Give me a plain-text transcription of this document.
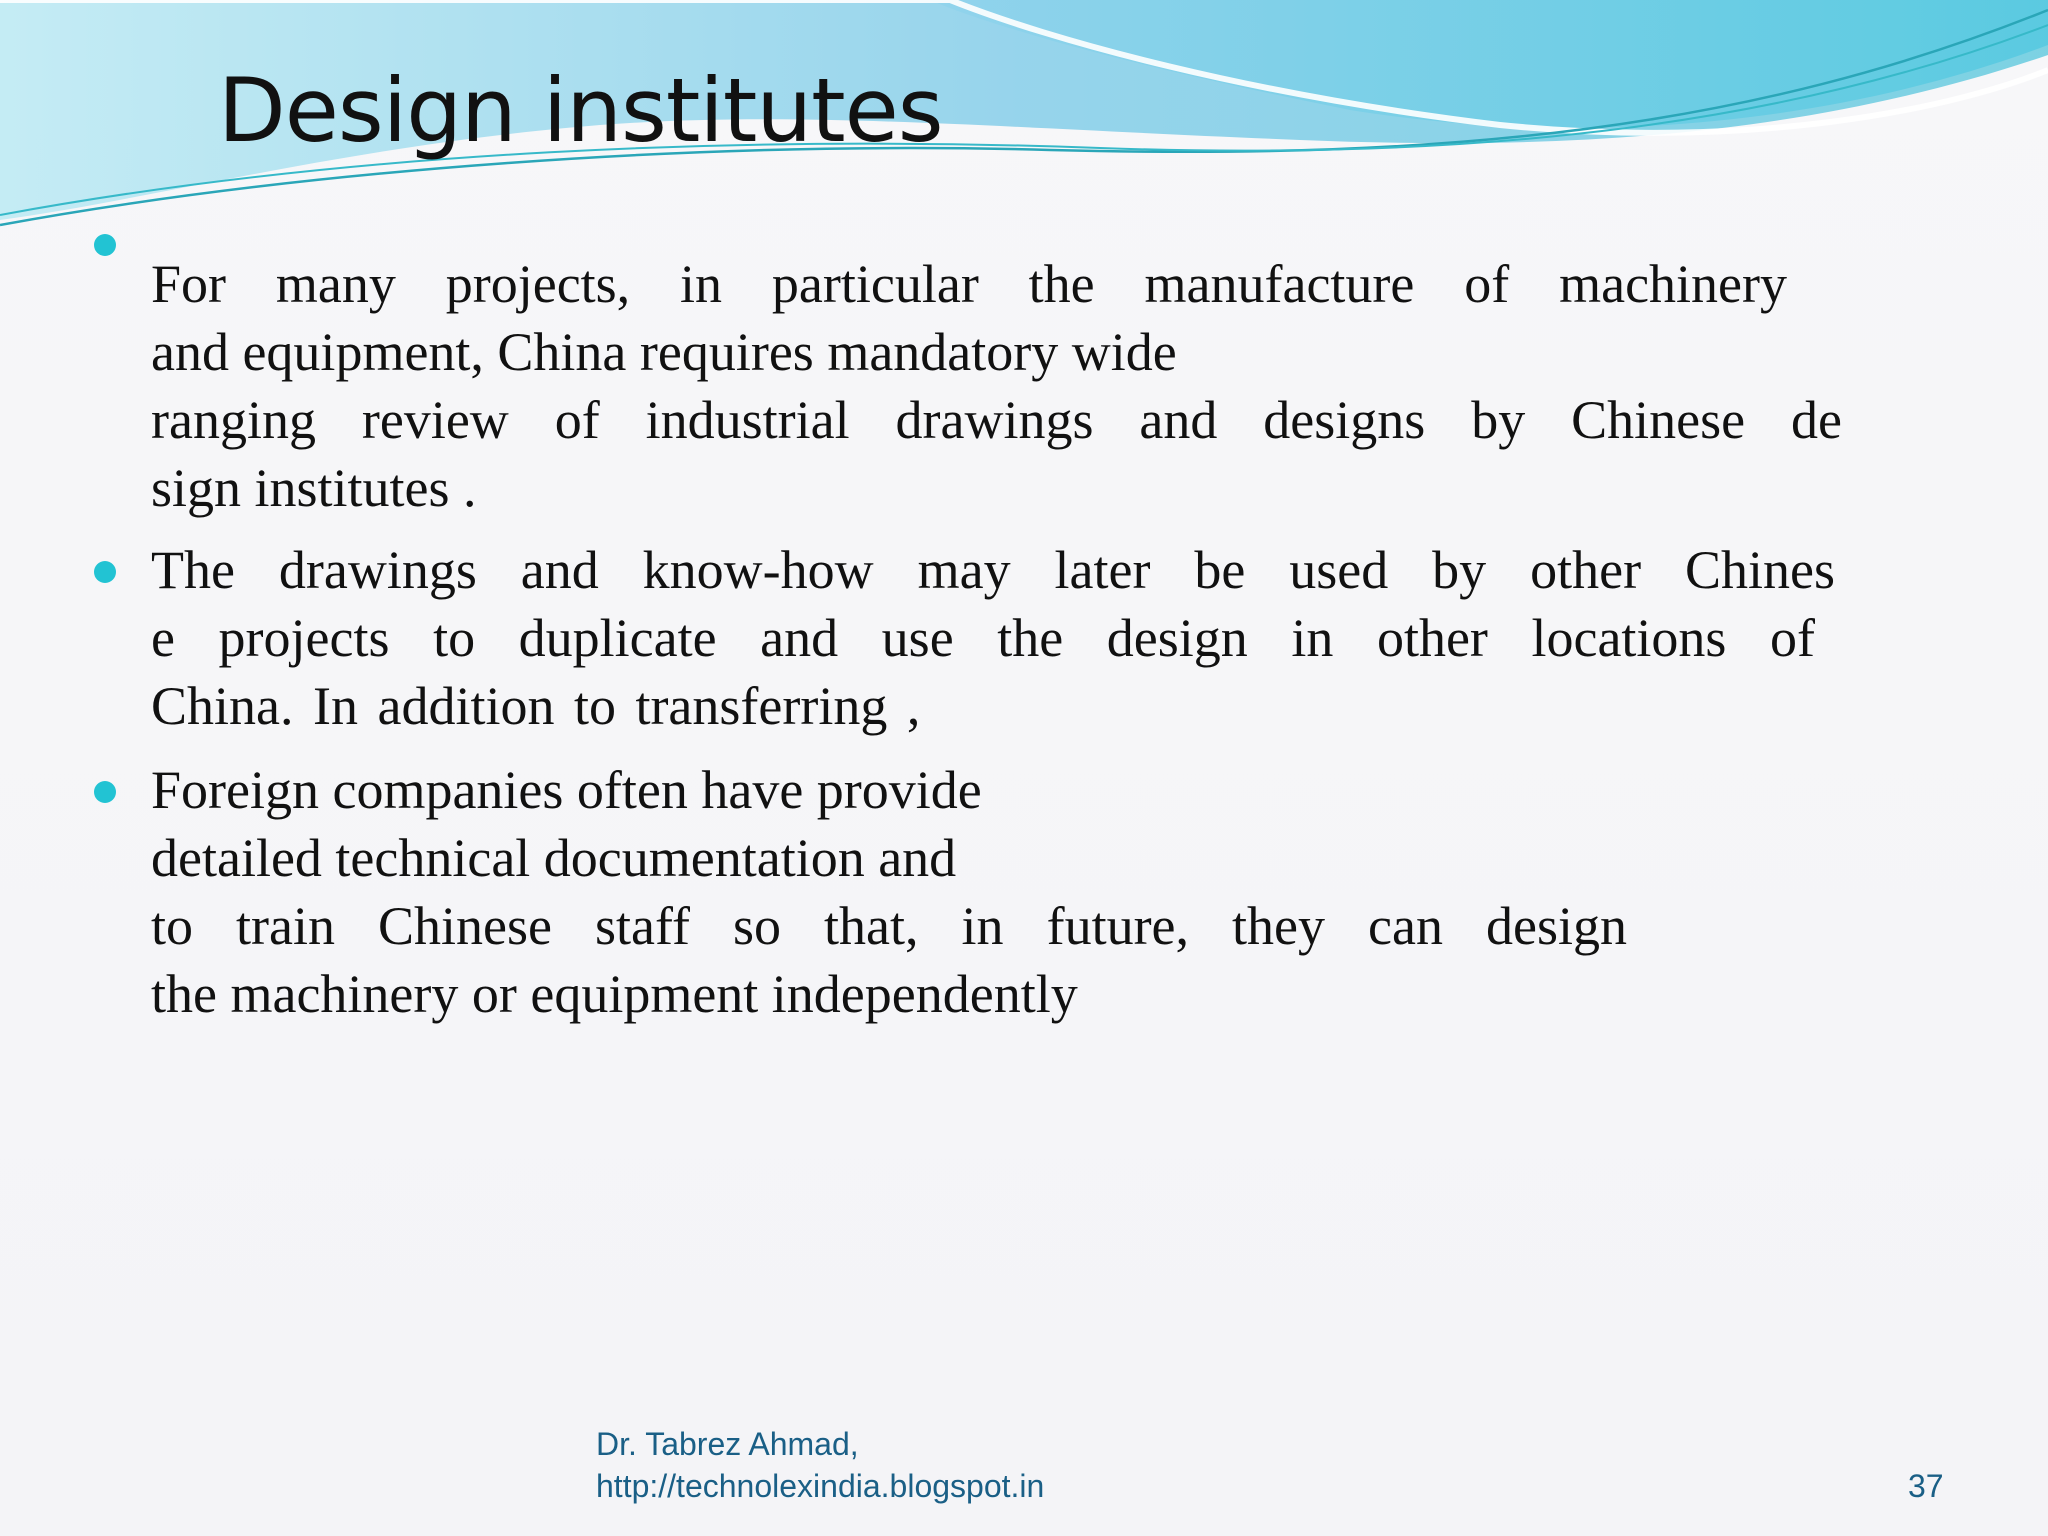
Design institutes
For many projects, in particular the manufacture of machinery
and equipment, China requires mandatory wide
ranging review of industrial drawings and designs by Chinese de
sign institutes .
The drawings and know-how may later be used by other Chines
e projects to duplicate and use the design in other locations of
China. In addition to transferring ,
Foreign companies often have provide
detailed technical documentation and
to train Chinese staff so that, in future, they can design
the machinery or equipment independently
Dr. Tabrez Ahmad,
http://technolexindia.blogspot.in	37
